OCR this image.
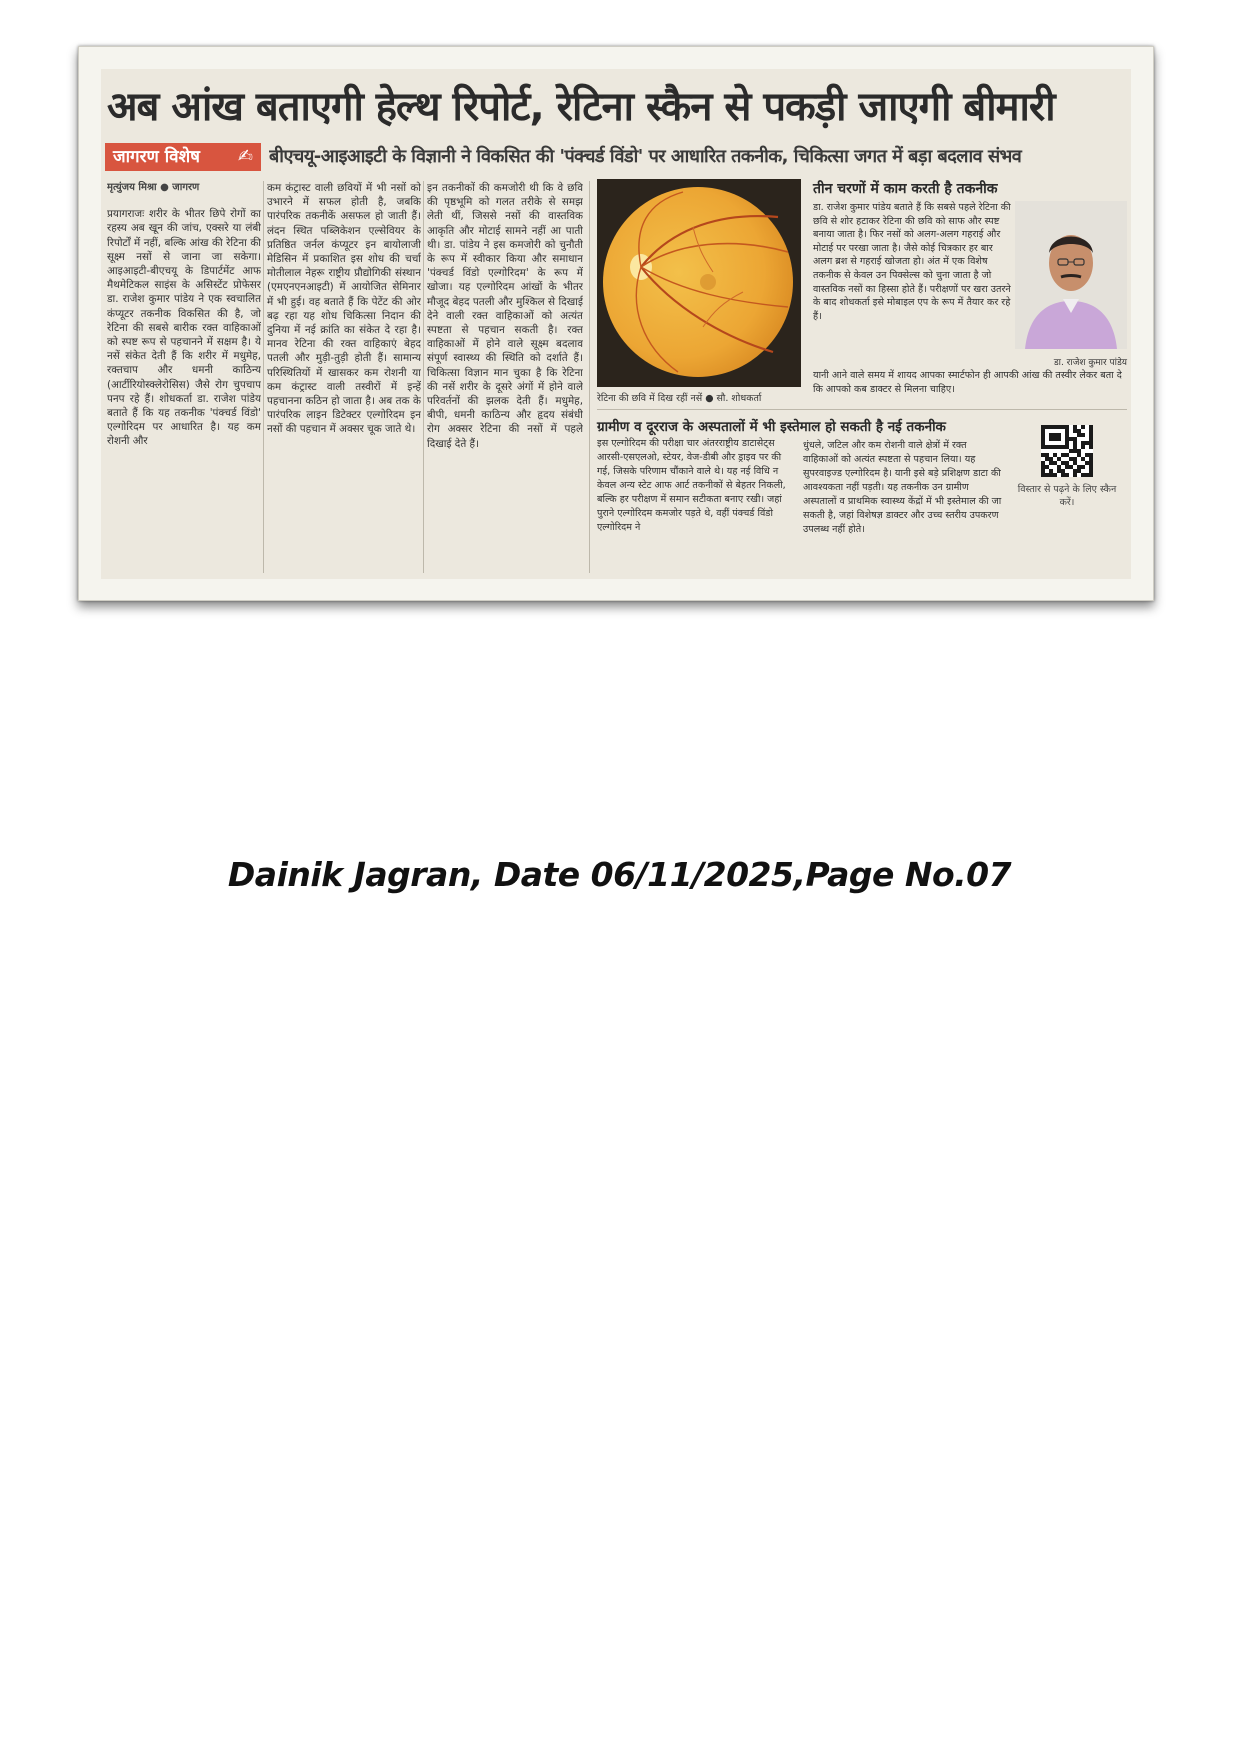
अब आंख बताएगी हेल्थ रिपोर्ट, रेटिना स्कैन से पकड़ी जाएगी बीमारी
जागरण विशेष ✍ बीएचयू-आइआइटी के विज्ञानी ने विकसित की 'पंक्चर्ड विंडो' पर आधारित तकनीक, चिकित्सा जगत में बड़ा बदलाव संभव
मृत्युंजय मिश्रा ● जागरण
प्रयागराजः शरीर के भीतर छिपे रोगों का रहस्य अब खून की जांच, एक्सरे या लंबी रिपोर्टों में नहीं, बल्कि आंख की रेटिना की सूक्ष्म नसों से जाना जा सकेगा। आइआइटी-बीएचयू के डिपार्टमेंट आफ मैथमेटिकल साइंस के असिस्टेंट प्रोफेसर डा. राजेश कुमार पांडेय ने एक स्वचालित कंप्यूटर तकनीक विकसित की है, जो रेटिना की सबसे बारीक रक्त वाहिकाओं को स्पष्ट रूप से पहचानने में सक्षम है। ये नसें संकेत देती हैं कि शरीर में मधुमेह, रक्तचाप और धमनी काठिन्य (आर्टीरियोस्क्लेरोसिस) जैसे रोग चुपचाप पनप रहे हैं। शोधकर्ता डा. राजेश पांडेय बताते हैं कि यह तकनीक 'पंक्चर्ड विंडो' एल्गोरिदम पर आधारित है। यह कम रोशनी और
कम कंट्रास्ट वाली छवियों में भी नसों को उभारने में सफल होती है, जबकि पारंपरिक तकनीकें असफल हो जाती हैं। लंदन स्थित पब्लिकेशन एल्सेवियर के प्रतिष्ठित जर्नल कंप्यूटर इन बायोलाजी मेडिसिन में प्रकाशित इस शोध की चर्चा मोतीलाल नेहरू राष्ट्रीय प्रौद्योगिकी संस्थान (एमएनएनआइटी) में आयोजित सेमिनार में भी हुई। वह बताते हैं कि पेटेंट की ओर बढ़ रहा यह शोध चिकित्सा निदान की दुनिया में नई क्रांति का संकेत दे रहा है। मानव रेटिना की रक्त वाहिकाएं बेहद पतली और मुड़ी-तुड़ी होती हैं। सामान्य परिस्थितियों में खासकर कम रोशनी या कम कंट्रास्ट वाली तस्वीरों में इन्हें पहचानना कठिन हो जाता है। अब तक के पारंपरिक लाइन डिटेक्टर एल्गोरिदम इन नसों की पहचान में अक्सर चूक जाते थे।
इन तकनीकों की कमजोरी थी कि वे छवि की पृष्ठभूमि को गलत तरीके से समझ लेती थीं, जिससे नसों की वास्तविक आकृति और मोटाई सामने नहीं आ पाती थी। डा. पांडेय ने इस कमजोरी को चुनौती के रूप में स्वीकार किया और समाधान 'पंक्चर्ड विंडो एल्गोरिदम' के रूप में खोजा। यह एल्गोरिदम आंखों के भीतर मौजूद बेहद पतली और मुश्किल से दिखाई देने वाली रक्त वाहिकाओं को अत्यंत स्पष्टता से पहचान सकती है। रक्त वाहिकाओं में होने वाले सूक्ष्म बदलाव संपूर्ण स्वास्थ्य की स्थिति को दर्शाते हैं। चिकित्सा विज्ञान मान चुका है कि रेटिना की नसें शरीर के दूसरे अंगों में होने वाले परिवर्तनों की झलक देती हैं। मधुमेह, बीपी, धमनी काठिन्य और हृदय संबंधी रोग अक्सर रेटिना की नसों में पहले दिखाई देते हैं।
रेटिना की छवि में दिख रहीं नसें ● सौ. शोधकर्ता
तीन चरणों में काम करती है तकनीक
डा. राजेश कुमार पांडेय बताते हैं कि सबसे पहले रेटिना की छवि से शोर हटाकर रेटिना की छवि को साफ और स्पष्ट बनाया जाता है। फिर नसों को अलग-अलग गहराई और मोटाई पर परखा जाता है। जैसे कोई चित्रकार हर बार अलग ब्रश से गहराई खोजता हो। अंत में एक विशेष तकनीक से केवल उन पिक्सेल्स को चुना जाता है जो वास्तविक नसों का हिस्सा होते हैं। परीक्षणों पर खरा उतरने के बाद शोधकर्ता इसे मोबाइल एप के रूप में तैयार कर रहे हैं।
डा. राजेश कुमार पांडेय
यानी आने वाले समय में शायद आपका स्मार्टफोन ही आपकी आंख की तस्वीर लेकर बता दे कि आपको कब डाक्टर से मिलना चाहिए।
ग्रामीण व दूरराज के अस्पतालों में भी इस्तेमाल हो सकती है नई तकनीक
इस एल्गोरिदम की परीक्षा चार अंतरराष्ट्रीय डाटासेट्स आरसी-एसएलओ, स्टेयर, वेज-डीबी और ड्राइव पर की गई, जिसके परिणाम चौंकाने वाले थे। यह नई विधि न केवल अन्य स्टेट आफ आर्ट तकनीकों से बेहतर निकली, बल्कि हर परीक्षण में समान सटीकता बनाए रखी। जहां पुराने एल्गोरिदम कमजोर पड़ते थे, वहीं पंक्चर्ड विंडो एल्गोरिदम ने
धुंधले, जटिल और कम रोशनी वाले क्षेत्रों में रक्त वाहिकाओं को अत्यंत स्पष्टता से पहचान लिया। यह सुपरवाइज्ड एल्गोरिदम है। यानी इसे बड़े प्रशिक्षण डाटा की आवश्यकता नहीं पड़ती। यह तकनीक उन ग्रामीण अस्पतालों व प्राथमिक स्वास्थ्य केंद्रों में भी इस्तेमाल की जा सकती है, जहां विशेषज्ञ डाक्टर और उच्च स्तरीय उपकरण उपलब्ध नहीं होते।
विस्तार से पढ़ने के लिए स्कैन करें।
Dainik Jagran, Date 06/11/2025,Page No.07
